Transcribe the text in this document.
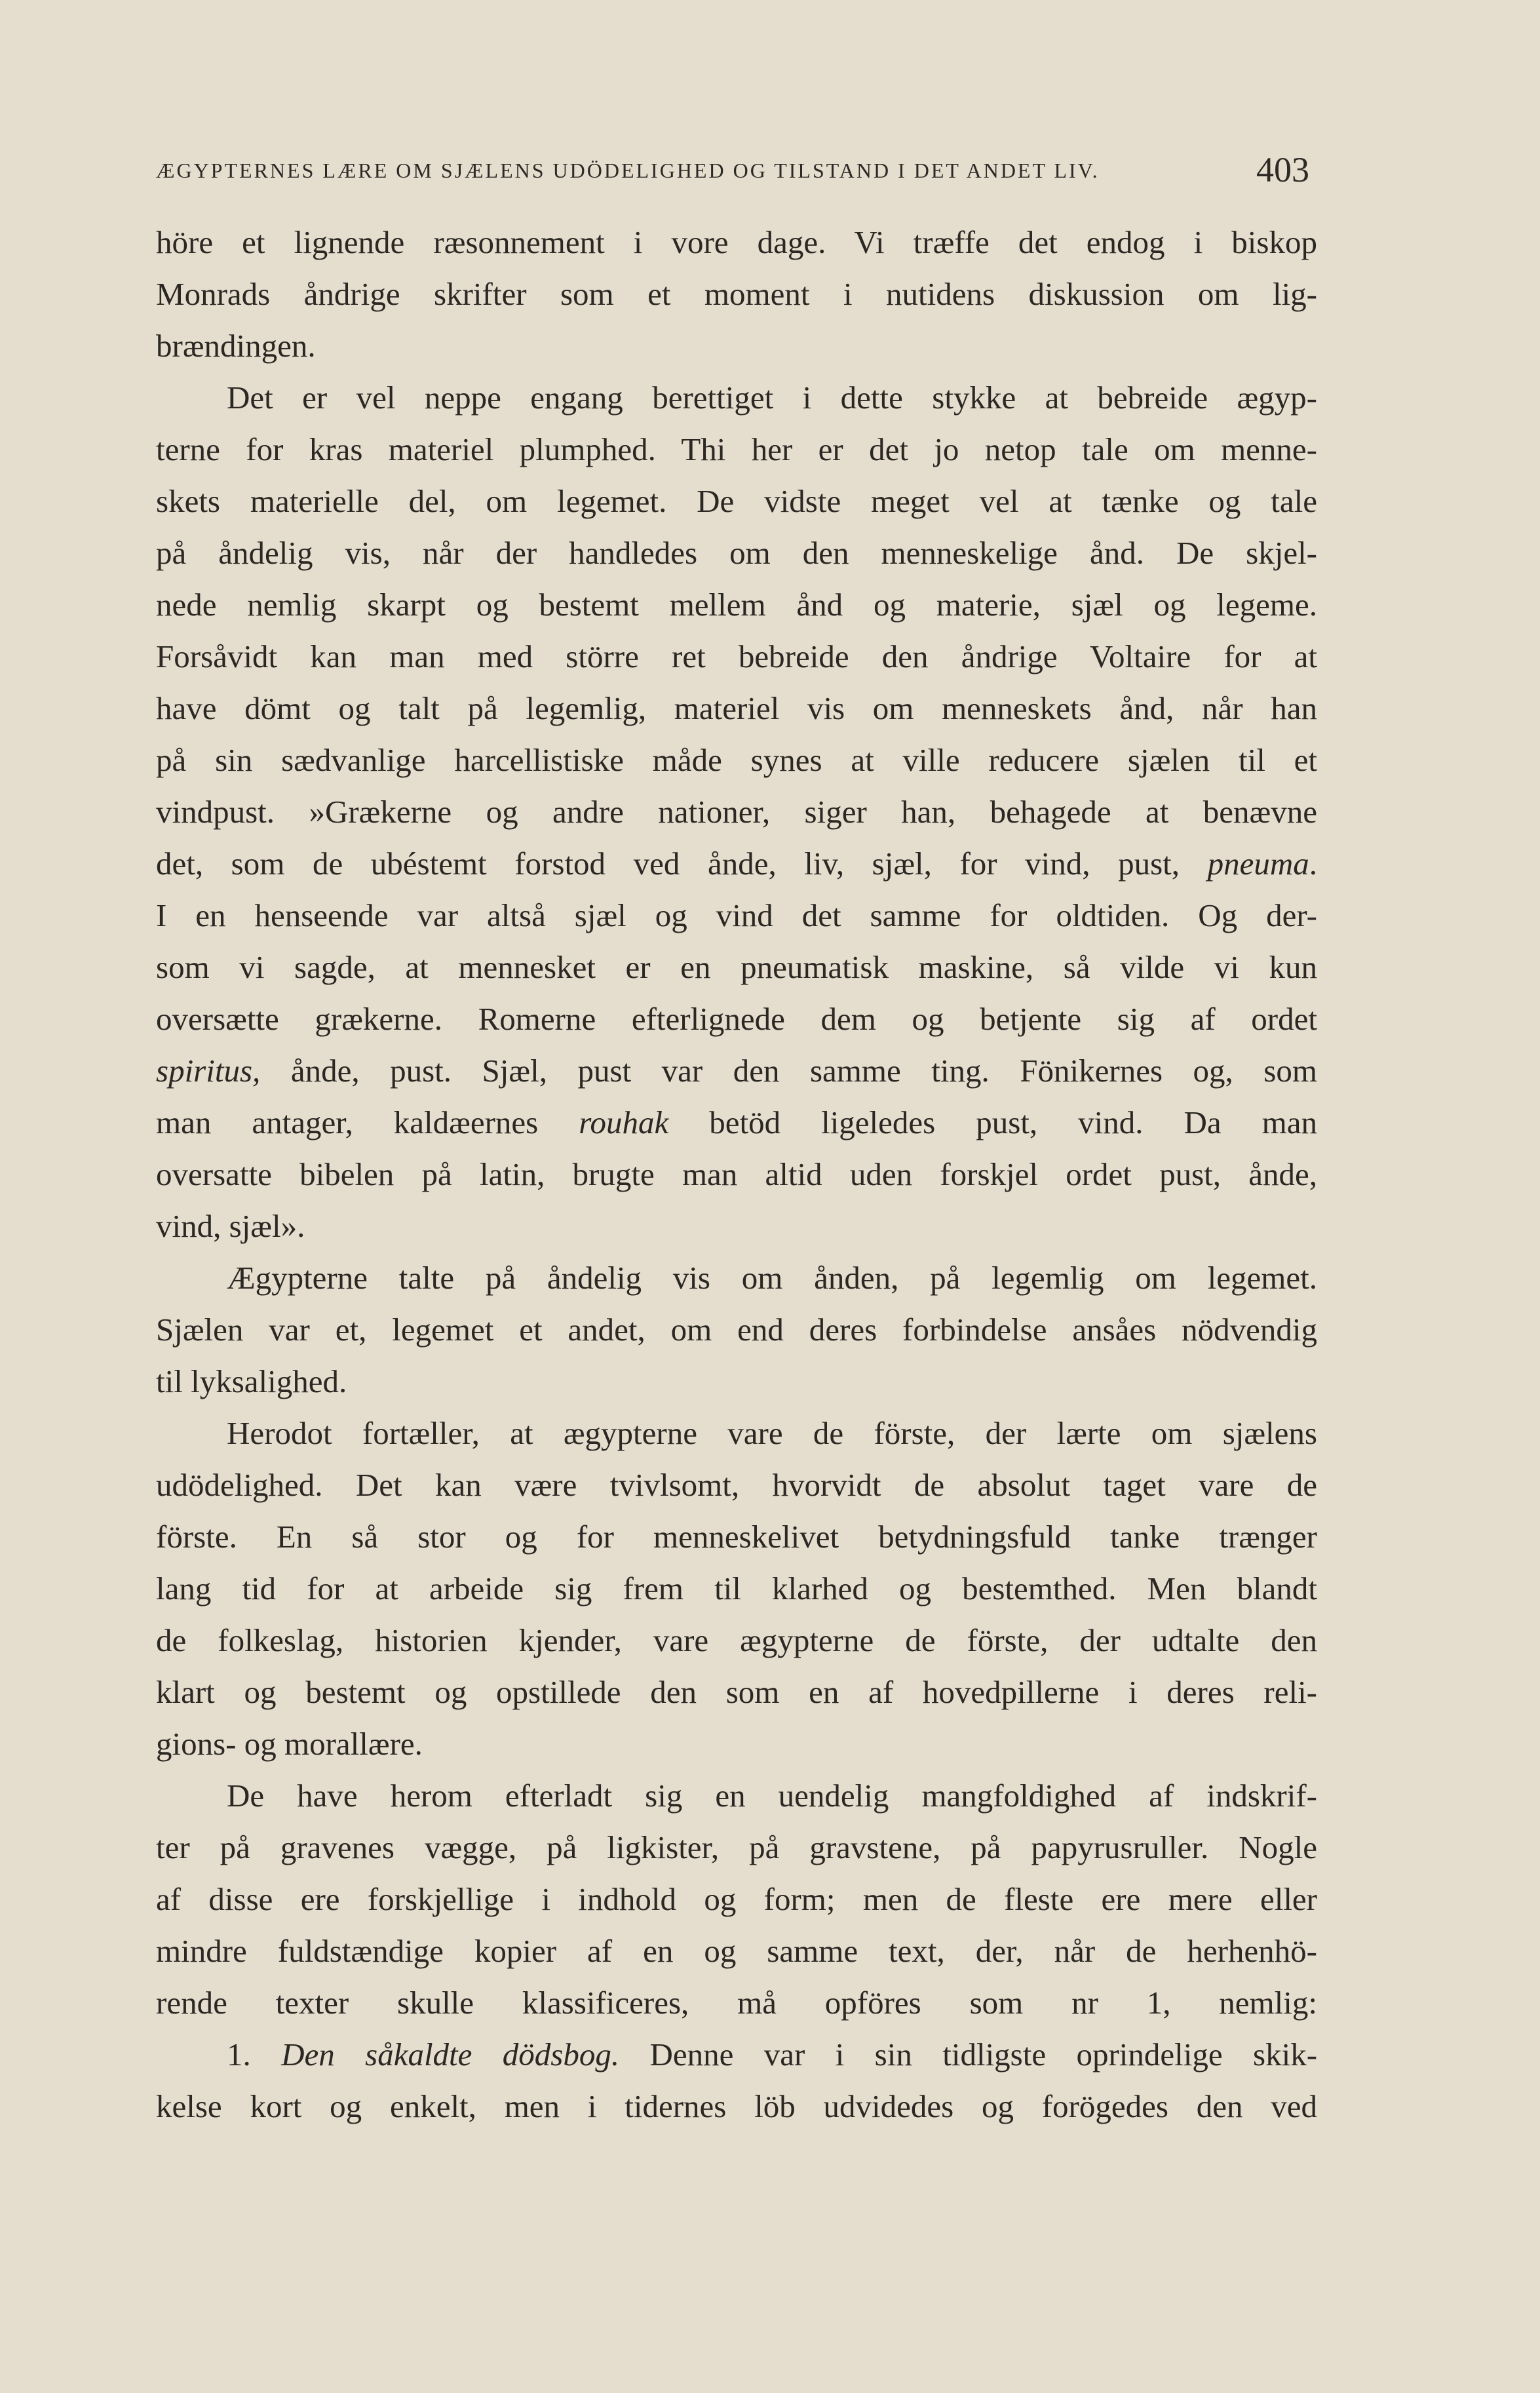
ÆGYPTERNES LÆRE OM SJÆLENS UDÖDELIGHED OG TILSTAND I DET ANDET LIV.	403
höre et lignende ræsonnement i vore dage. Vi træffe det endog i biskop
Monrads åndrige skrifter som et moment i nutidens diskussion om lig-
brændingen.
Det er vel neppe engang berettiget i dette stykke at bebreide ægyp-
terne for kras materiel plumphed. Thi her er det jo netop tale om menne-
skets materielle del, om legemet. De vidste meget vel at tænke og tale
på åndelig vis, når der handledes om den menneskelige ånd. De skjel-
nede nemlig skarpt og bestemt mellem ånd og materie, sjæl og legeme.
Forsåvidt kan man med större ret bebreide den åndrige Voltaire for at
have dömt og talt på legemlig, materiel vis om menneskets ånd, når han
på sin sædvanlige harcellistiske måde synes at ville reducere sjælen til et
vindpust. »Grækerne og andre nationer, siger han, behagede at benævne
det, som de ubéstemt forstod ved ånde, liv, sjæl, for vind, pust, pneuma.
I en henseende var altså sjæl og vind det samme for oldtiden. Og der-
som vi sagde, at mennesket er en pneumatisk maskine, så vilde vi kun
oversætte grækerne. Romerne efterlignede dem og betjente sig af ordet
spiritus, ånde, pust. Sjæl, pust var den samme ting. Fönikernes og, som
man antager, kaldæernes rouhak betöd ligeledes pust, vind. Da man
oversatte bibelen på latin, brugte man altid uden forskjel ordet pust, ånde,
vind, sjæl».
Ægypterne talte på åndelig vis om ånden, på legemlig om legemet.
Sjælen var et, legemet et andet, om end deres forbindelse ansåes nödvendig
til lyksalighed.
Herodot fortæller, at ægypterne vare de förste, der lærte om sjælens
udödelighed. Det kan være tvivlsomt, hvorvidt de absolut taget vare de
förste. En så stor og for menneskelivet betydningsfuld tanke trænger
lang tid for at arbeide sig frem til klarhed og bestemthed. Men blandt
de folkeslag, historien kjender, vare ægypterne de förste, der udtalte den
klart og bestemt og opstillede den som en af hovedpillerne i deres reli-
gions- og morallære.
De have herom efterladt sig en uendelig mangfoldighed af indskrif-
ter på gravenes vægge, på ligkister, på gravstene, på papyrusruller. Nogle
af disse ere forskjellige i indhold og form; men de fleste ere mere eller
mindre fuldstændige kopier af en og samme text, der, når de herhenhö-
rende texter skulle klassificeres, må opföres som nr 1, nemlig:
1. Den såkaldte dödsbog. Denne var i sin tidligste oprindelige skik-
kelse kort og enkelt, men i tidernes löb udvidedes og forögedes den ved
